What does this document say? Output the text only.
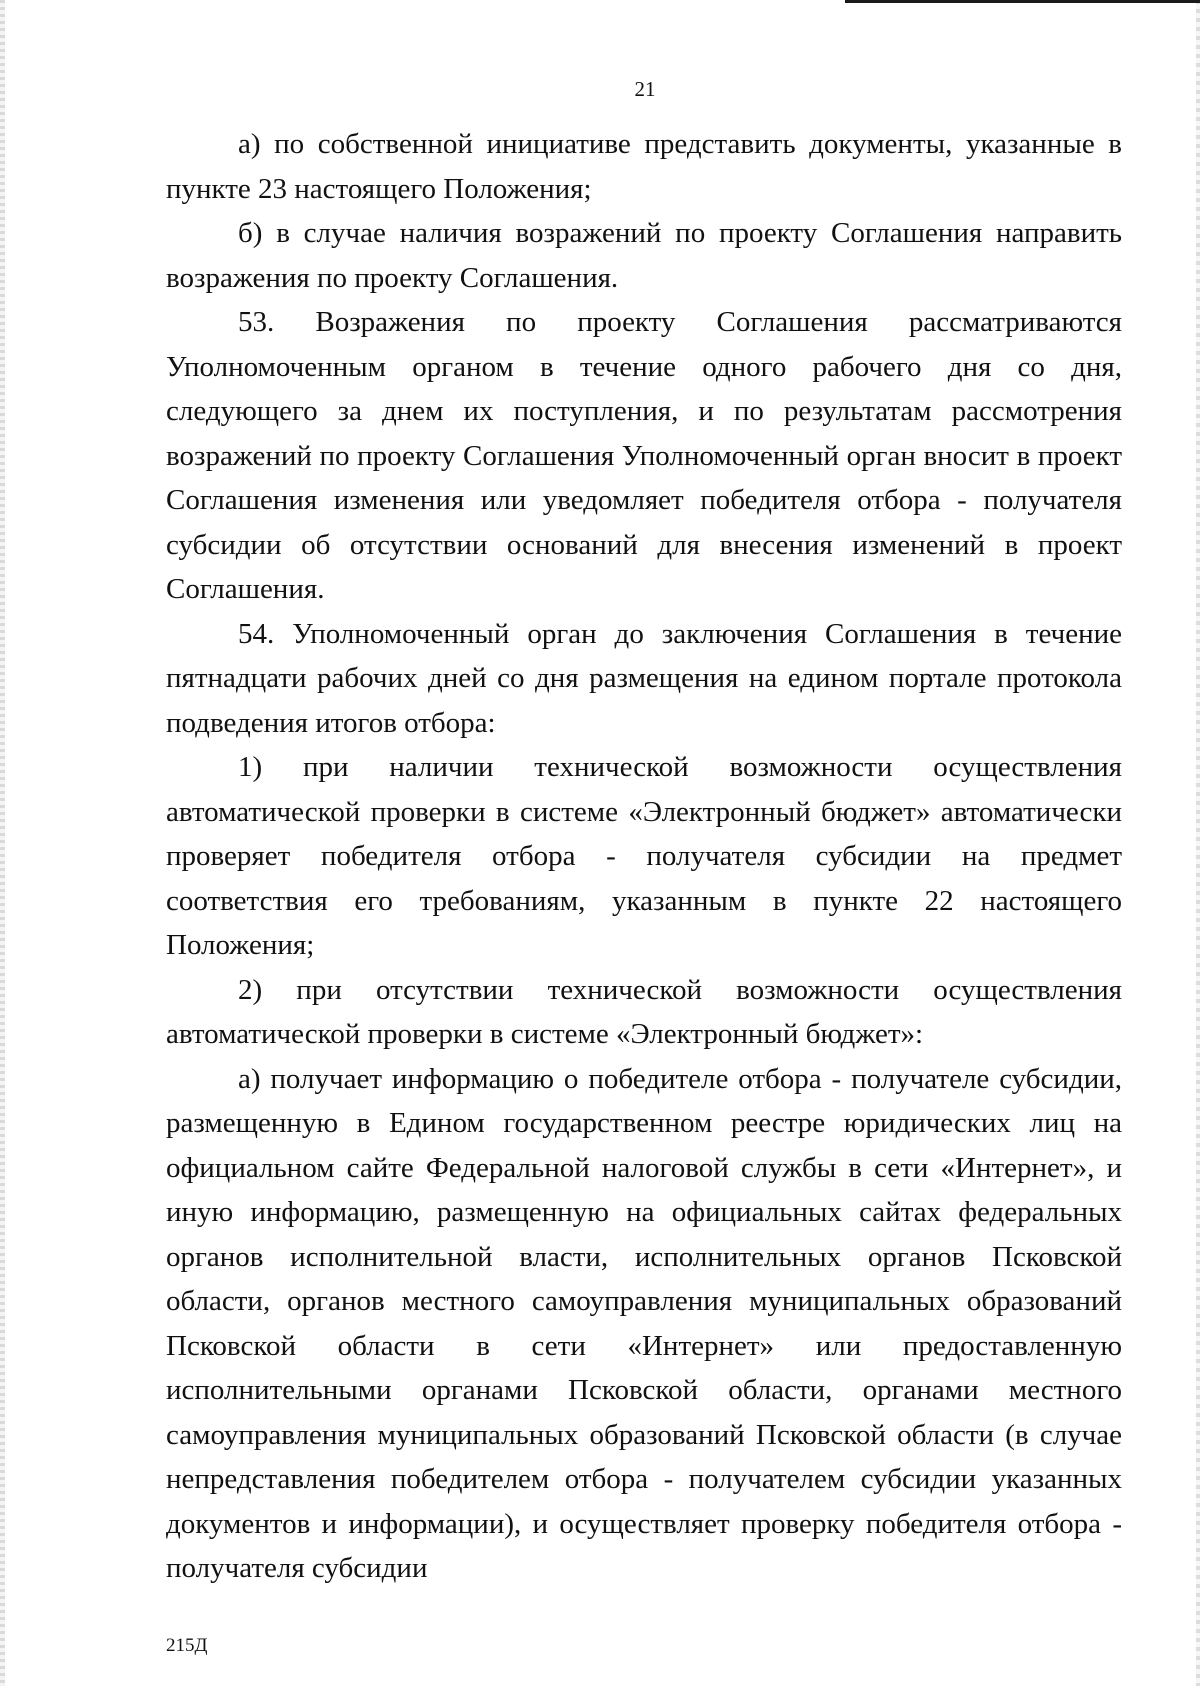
21

а) по собственной инициативе представить документы, указанные в пункте 23 настоящего Положения;

б) в случае наличия возражений по проекту Соглашения направить возражения по проекту Соглашения.

53. Возражения по проекту Соглашения рассматриваются Уполномоченным органом в течение одного рабочего дня со дня, следующего за днем их поступления, и по результатам рассмотрения возражений по проекту Соглашения Уполномоченный орган вносит в проект Соглашения изменения или уведомляет победителя отбора - получателя субсидии об отсутствии оснований для внесения изменений в проект Соглашения.

54. Уполномоченный орган до заключения Соглашения в течение пятнадцати рабочих дней со дня размещения на едином портале протокола подведения итогов отбора:

1) при наличии технической возможности осуществления автоматической проверки в системе «Электронный бюджет» автоматически проверяет победителя отбора - получателя субсидии на предмет соответствия его требованиям, указанным в пункте 22 настоящего Положения;

2) при отсутствии технической возможности осуществления автоматической проверки в системе «Электронный бюджет»:

а) получает информацию о победителе отбора - получателе субсидии, размещенную в Едином государственном реестре юридических лиц на официальном сайте Федеральной налоговой службы в сети «Интернет», и иную информацию, размещенную на официальных сайтах федеральных органов исполнительной власти, исполнительных органов Псковской области, органов местного самоуправления муниципальных образований Псковской области в сети «Интернет» или предоставленную исполнительными органами Псковской области, органами местного самоуправления муниципальных образований Псковской области (в случае непредставления победителем отбора - получателем субсидии указанных документов и информации), и осуществляет проверку победителя отбора - получателя субсидии

215Д
